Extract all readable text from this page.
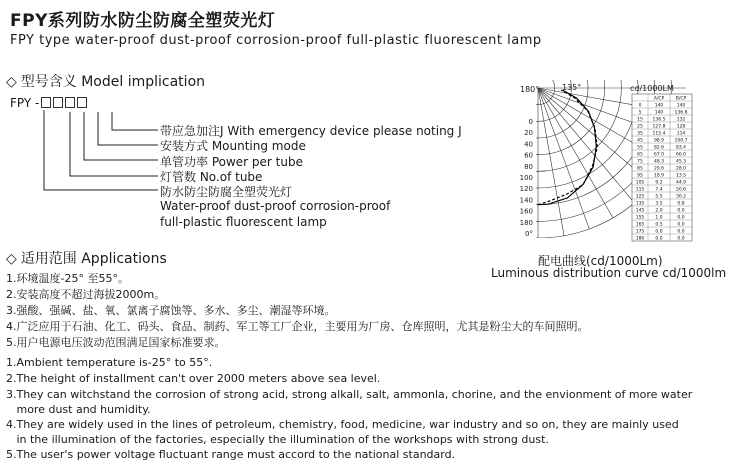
FPY系列防水防尘防腐全塑荧光灯
FPY type water-proof dust-proof corrosion-proof full-plastic fluorescent lamp
◇ 型号含义 Model implication
FPY -
带应急加注J With emergency device please noting J
安装方式 Mounting mode
单管功率 Power per tube
灯管数 No.of tube
防水防尘防腐全塑荧光灯
Water-proof dust-proof corrosion-proof
full-plastic fluorescent lamp
◇ 适用范围 Applications
1.环境温度-25° 至55°。
2.安装高度不超过海拔2000m。
3.强酸、强碱、盐、氧、氯离子腐蚀等、多水、多尘、潮湿等环境。
4.广泛应用于石油、化工、码头、食品、制药、军工等工厂企业，主要用为厂房、仓库照明，尤其是粉尘大的车间照明。
5.用户电源电压波动范围满足国家标准要求。
1.Ambient temperature is-25° to 55°.
2.The height of installment can't over 2000 meters above sea level.
3.They can witchstand the corrosion of strong acid, strong alkall, salt, ammonla, chorine, and the envionment of more water
more dust and humidity.
4.They are widely used in the lines of petroleum, chemistry, food, medicine, war industry and so on, they are mainly used
in the illumination of the factories, especially the illumination of the workshops with strong dust.
5.The user's power voltage fluctuant range must accord to the national standard.
0
20
40
60
80
100
120
140
160
180
0°
180°	135°	cd/1000LM
A/CP	B/CP
0	140	140
5	140	136.8
15 136.5	132
25 127.8	128
35 115.4	114
45 98.9 100.7
55 82.6	83.4
65 67.0	66.0
75 48.3	45.3
85 29.6	28.0
95 18.9	13.5
105 9.2	44.9
115 7.4	50.6
125 5.5	30.2
135 3.5	0.8
145 2.0	0.0
155 1.0	0.0
165 0.5	0.0
175 0.0	0.0
180 0.0	0.0
配电曲线(cd/1000Lm)
Luminous distribution curve cd/1000lm
